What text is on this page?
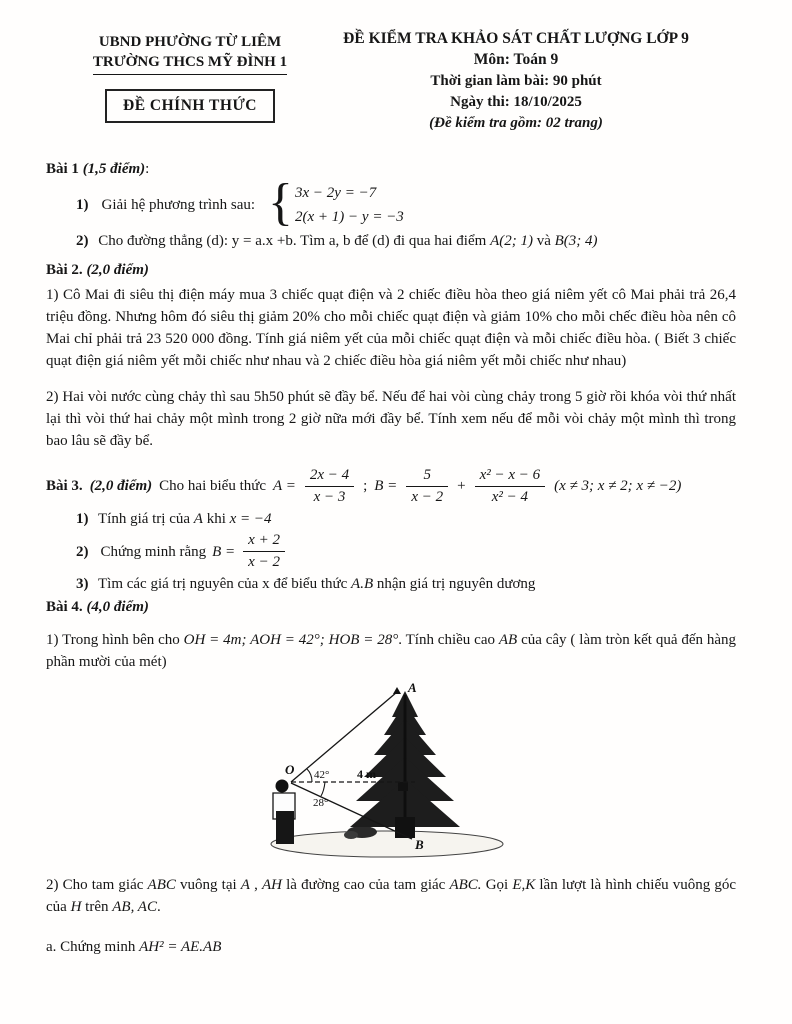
UBND PHƯỜNG TỪ LIÊM
TRƯỜNG THCS MỸ ĐÌNH 1
ĐỀ CHÍNH THỨC
ĐỀ KIỂM TRA KHẢO SÁT CHẤT LƯỢNG LỚP 9
Môn: Toán 9
Thời gian làm bài: 90 phút
Ngày thi: 18/10/2025
(Đề kiểm tra gồm: 02 trang)
Bài 1 (1,5 điểm):
1) Giải hệ phương trình sau: { 3x − 2y = −7
2(x + 1) − y = −3
2) Cho đường thẳng (d): y = a.x +b. Tìm a, b để (d) đi qua hai điểm A(2; 1) và B(3; 4)
Bài 2. (2,0 điểm)

1) Cô Mai đi siêu thị điện máy mua 3 chiếc quạt điện và 2 chiếc điều hòa theo giá niêm yết cô Mai phải trả 26,4 triệu đồng. Nhưng hôm đó siêu thị giảm 20% cho mỗi chiếc quạt điện và giảm 10% cho mỗi chếc điều hòa nên cô Mai chỉ phải trả 23 520 000 đồng. Tính giá niêm yết của mỗi chiếc quạt điện và mỗi chiếc điều hòa. ( Biết 3 chiếc quạt điện giá niêm yết mỗi chiếc như nhau và 2 chiếc điều hòa giá niêm yết mỗi chiếc như nhau)

2) Hai vòi nước cùng chảy thì sau 5h50 phút sẽ đầy bể. Nếu để hai vòi cùng chảy trong 5 giờ rồi khóa vòi thứ nhất lại thì vòi thứ hai chảy một mình trong 2 giờ nữa mới đầy bể. Tính xem nếu để mỗi vòi chảy một mình thì trong bao lâu sẽ đầy bể.

Bài 3. (2,0 điểm) Cho hai biểu thức $A = \frac{2x - 4}{x - 3}$ ; $B = \frac{5}{x - 2} + \frac{\text{x² − x − 6}}{\text{x² − 4}} (x \ne 3$; x ≠ 2; x ≠ −2)
1) Tính giá trị của A khi x = −4
2) Chứng minh rằng $B = \frac{x + 2}{x - 2}$
3) Tìm các giá trị nguyên của x để biểu thức A.B nhận giá trị nguyên dương
Bài 4. (4,0 điểm)

1) Trong hình bên cho OH = 4m; AOH = 42°; HOB = 28°. Tính chiều cao AB của cây ( làm tròn kết quả đến hàng phần mười của mét)

O
A
B
42°
28°
4 m

2) Cho tam giác ABC vuông tại A , AH là đường cao của tam giác ABC. Gọi E,K lần lượt là hình chiếu vuông góc của H trên AB, AC.

a. Chứng minh AH² = AE.AB
